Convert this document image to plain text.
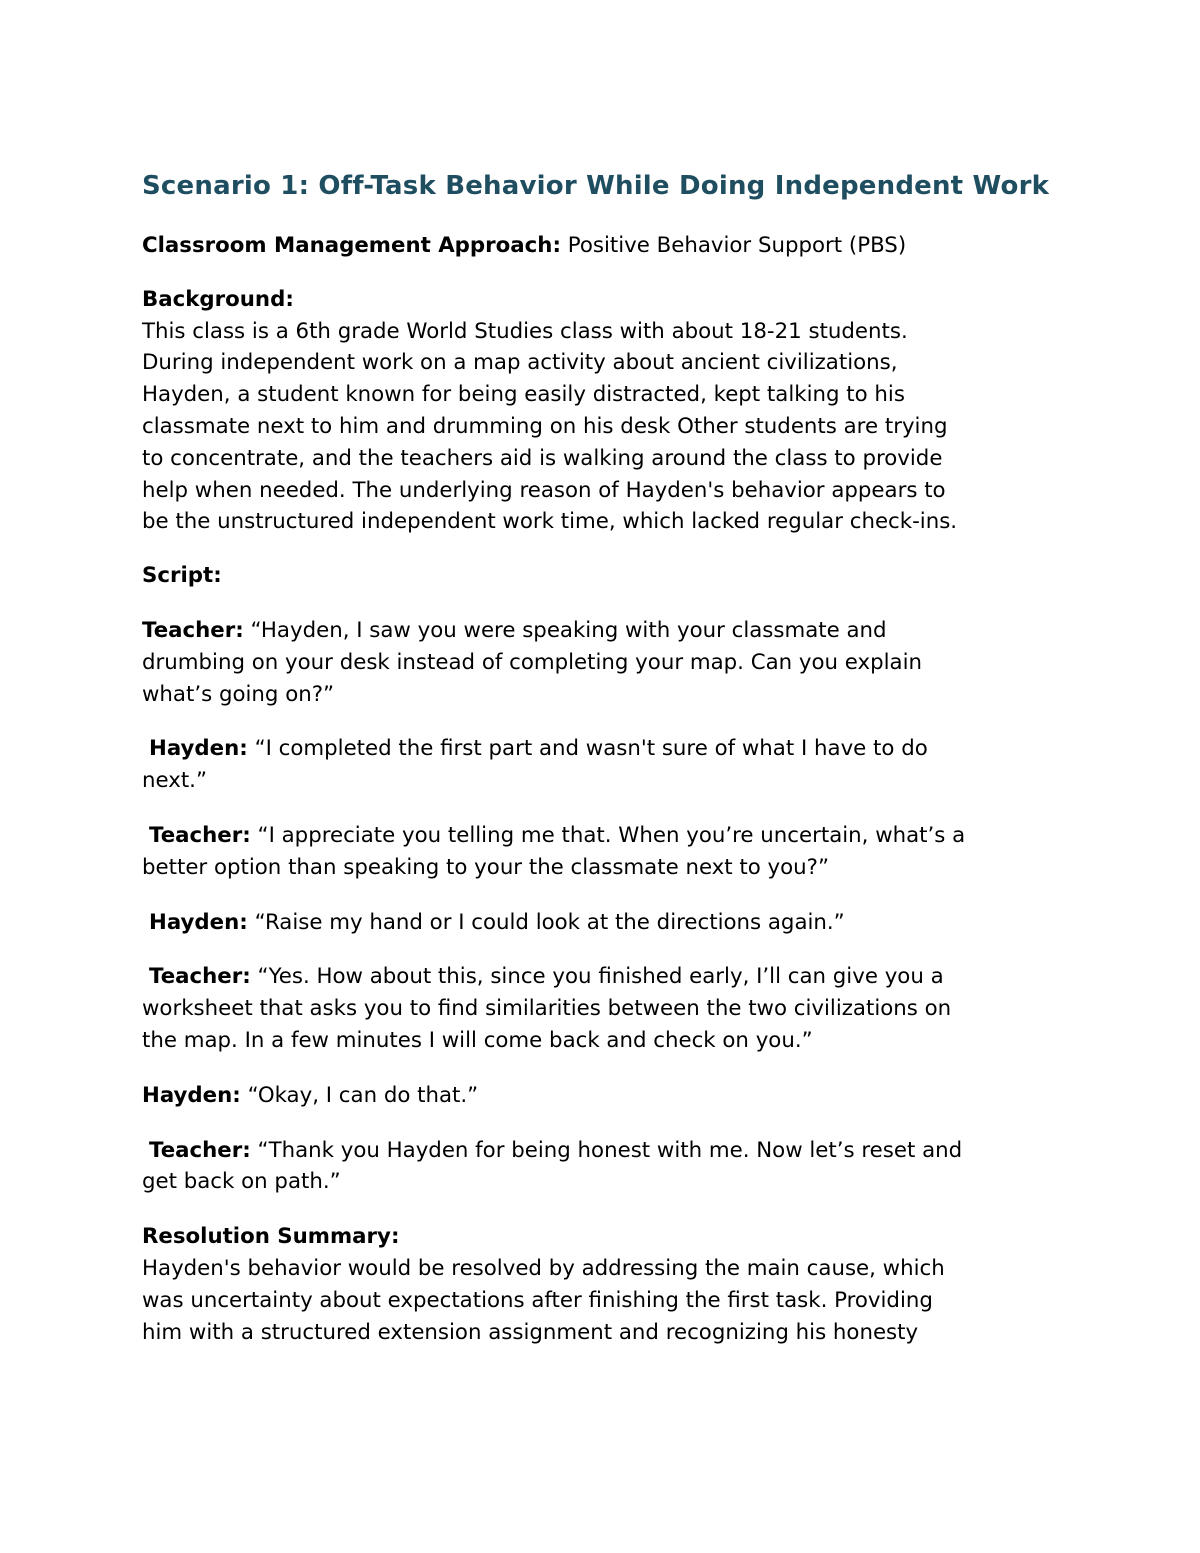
Scenario 1: Off-Task Behavior While Doing Independent Work

Classroom Management Approach: Positive Behavior Support (PBS)

Background:

This class is a 6th grade World Studies class with about 18-21 students.

During independent work on a map activity about ancient civilizations,

Hayden, a student known for being easily distracted, kept talking to his

classmate next to him and drumming on his desk Other students are trying

to concentrate, and the teachers aid is walking around the class to provide

help when needed. The underlying reason of Hayden's behavior appears to

be the unstructured independent work time, which lacked regular check-ins.

Script:

Teacher: “Hayden, I saw you were speaking with your classmate and

drumbing on your desk instead of completing your map. Can you explain

what’s going on?”

Hayden: “I completed the first part and wasn't sure of what I have to do

next.”

Teacher: “I appreciate you telling me that. When you’re uncertain, what’s a

better option than speaking to your the classmate next to you?”

Hayden: “Raise my hand or I could look at the directions again.”

Teacher: “Yes. How about this, since you finished early, I’ll can give you a

worksheet that asks you to find similarities between the two civilizations on

the map. In a few minutes I will come back and check on you.”

Hayden: “Okay, I can do that.”

Teacher: “Thank you Hayden for being honest with me. Now let’s reset and

get back on path.”

Resolution Summary:

Hayden's behavior would be resolved by addressing the main cause, which

was uncertainty about expectations after finishing the first task. Providing

him with a structured extension assignment and recognizing his honesty
